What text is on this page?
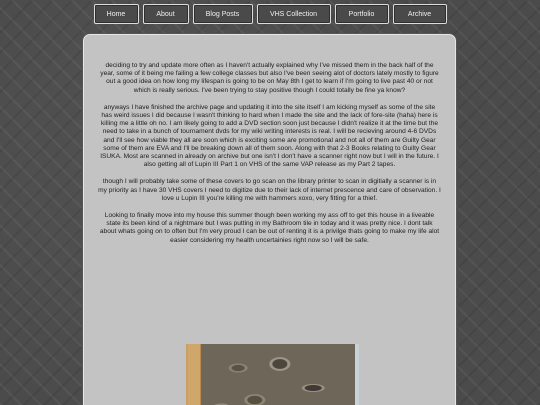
Home	About	Blog Posts	VHS Collection	Portfolio	Archive

deciding to try and update more often as I haven't actually explained why I've missed them in the back half of the year, some of it being me failing a few college classes but also I've been seeing alot of doctors lately mostly to figure out a good idea on how long my lifespan is going to be on May 8th I get to learn if I'm going to live past 40 or not which is really serious. I've been trying to stay positive though I could totally be fine ya know?

anyways I have finished the archive page and updating it into the site itself I am kicking myself as some of the site has weird issues I did because I wasn't thinking to hard when I made the site and the lack of fore-site (haha) here is killing me a little oh no. I am likely going to add a DVD section soon just because I didn't realize it at the time but the need to take in a bunch of tournament dvds for my wiki writing interests is real. I will be recieving around 4-6 DVDs and I'll see how viable they all are soon which is exciting some are promotional and not all of them are Guilty Gear some of them are EVA and I'll be breaking down all of them soon. Along with that 2-3 Books relating to Guilty Gear ISUKA. Most are scanned in already on archive but one isn't I don't have a scanner right now but I will in the future. I also getting all of Lupin III Part 1 on VHS of the same VAP release as my Part 2 tapes.

though I will probably take some of these covers to go scan on the library printer to scan in digitially a scanner is in my priority as I have 30 VHS covers I need to digitize due to their lack of internet prescence and care of observation. I love u Lupin III you're killing me with hammers xoxo, very fitting for a thief.

Looking to finally move into my house this summer though been working my ass off to get this house in a liveable state its been kind of a nightmare but I was putting in my Bathroom tile in today and it was pretty nice. I dont talk about whats going on to often but I'm very proud I can be out of renting it is a privilge thats going to make my life alot easier considering my health uncertainies right now so I will be safe.
